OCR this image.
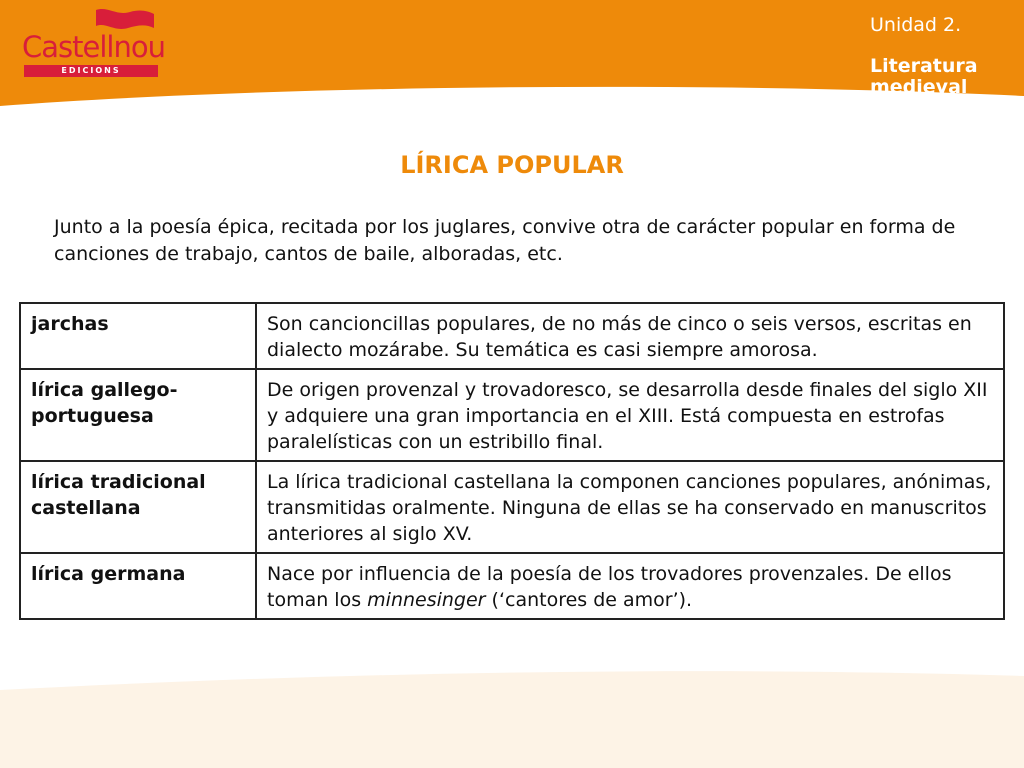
Castellnou
EDICIONS
Unidad 2.
Literatura medieval
LÍRICA POPULAR

Junto a la poesía épica, recitada por los juglares, convive otra de carácter popular en forma de canciones de trabajo, cantos de baile, alboradas, etc.

jarchas	Son cancioncillas populares, de no más de cinco o seis versos, escritas en dialecto mozárabe. Su temática es casi siempre amorosa.
lírica gallego-portuguesa	De origen provenzal y trovadoresco, se desarrolla desde finales del siglo XII y adquiere una gran importancia en el XIII. Está compuesta en estrofas paralelísticas con un estribillo final.
lírica tradicional castellana	La lírica tradicional castellana la componen canciones populares, anónimas, transmitidas oralmente. Ninguna de ellas se ha conservado en manuscritos anteriores al siglo XV.
lírica germana	Nace por influencia de la poesía de los trovadores provenzales. De ellos toman los minnesinger (‘cantores de amor’).
